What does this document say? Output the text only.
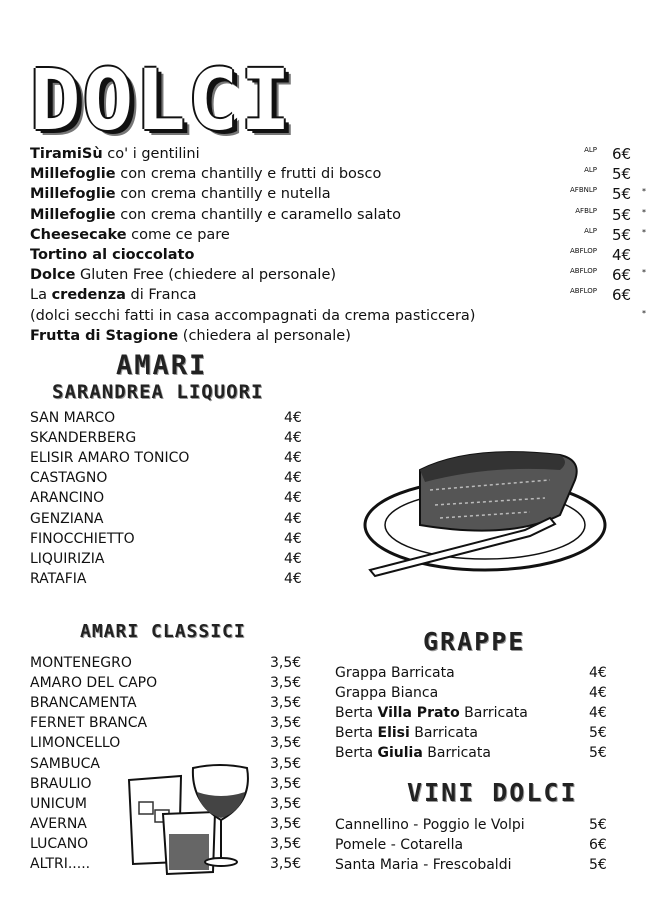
DOLCI
TiramiSù co' i gentilini	ALP 6€
Millefoglie con crema chantilly e frutti di bosco	ALP 5€
Millefoglie con crema chantilly e nutella	AFBNLP 5€ *
Millefoglie con crema chantilly e caramello salato	AFBLP 5€ *
Cheesecake come ce pare	ALP 5€ *
Tortino al cioccolato	ABFLOP 4€
Dolce Gluten Free (chiedere al personale)	ABFLOP 6€ *
La credenza di Franca	ABFLOP 6€
(dolci secchi fatti in casa accompagnati da crema pasticcera)	*
Frutta di Stagione (chiedera al personale)
AMARI
SARANDREA LIQUORI
SAN MARCO	4€
SKANDERBERG	4€
ELISIR AMARO TONICO	4€
CASTAGNO	4€
ARANCINO	4€
GENZIANA	4€
FINOCCHIETTO	4€
LIQUIRIZIA	4€
RATAFIA	4€
AMARI CLASSICI
MONTENEGRO	3,5€
AMARO DEL CAPO	3,5€
BRANCAMENTA	3,5€
FERNET BRANCA	3,5€
LIMONCELLO	3,5€
SAMBUCA	3,5€
BRAULIO	3,5€
UNICUM	3,5€
AVERNA	3,5€
LUCANO	3,5€
ALTRI.....	3,5€
GRAPPE
Grappa Barricata	4€
Grappa Bianca	4€
Berta Villa Prato Barricata	4€
Berta Elisi Barricata	5€
Berta Giulia Barricata	5€
VINI DOLCI
Cannellino - Poggio le Volpi	5€
Pomele - Cotarella	6€
Santa Maria - Frescobaldi	5€
